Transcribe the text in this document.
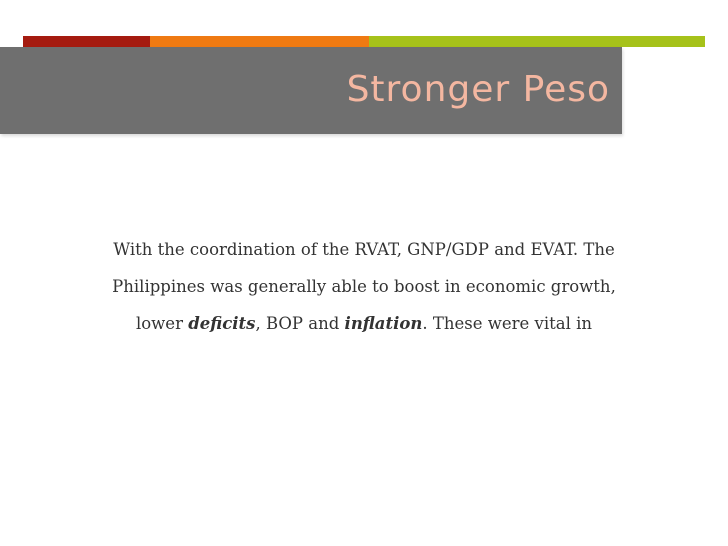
Stronger Peso
With the coordination of the RVAT, GNP/GDP and EVAT. The
Philippines was generally able to boost in economic growth,
lower deficits, BOP and inflation. These were vital in
